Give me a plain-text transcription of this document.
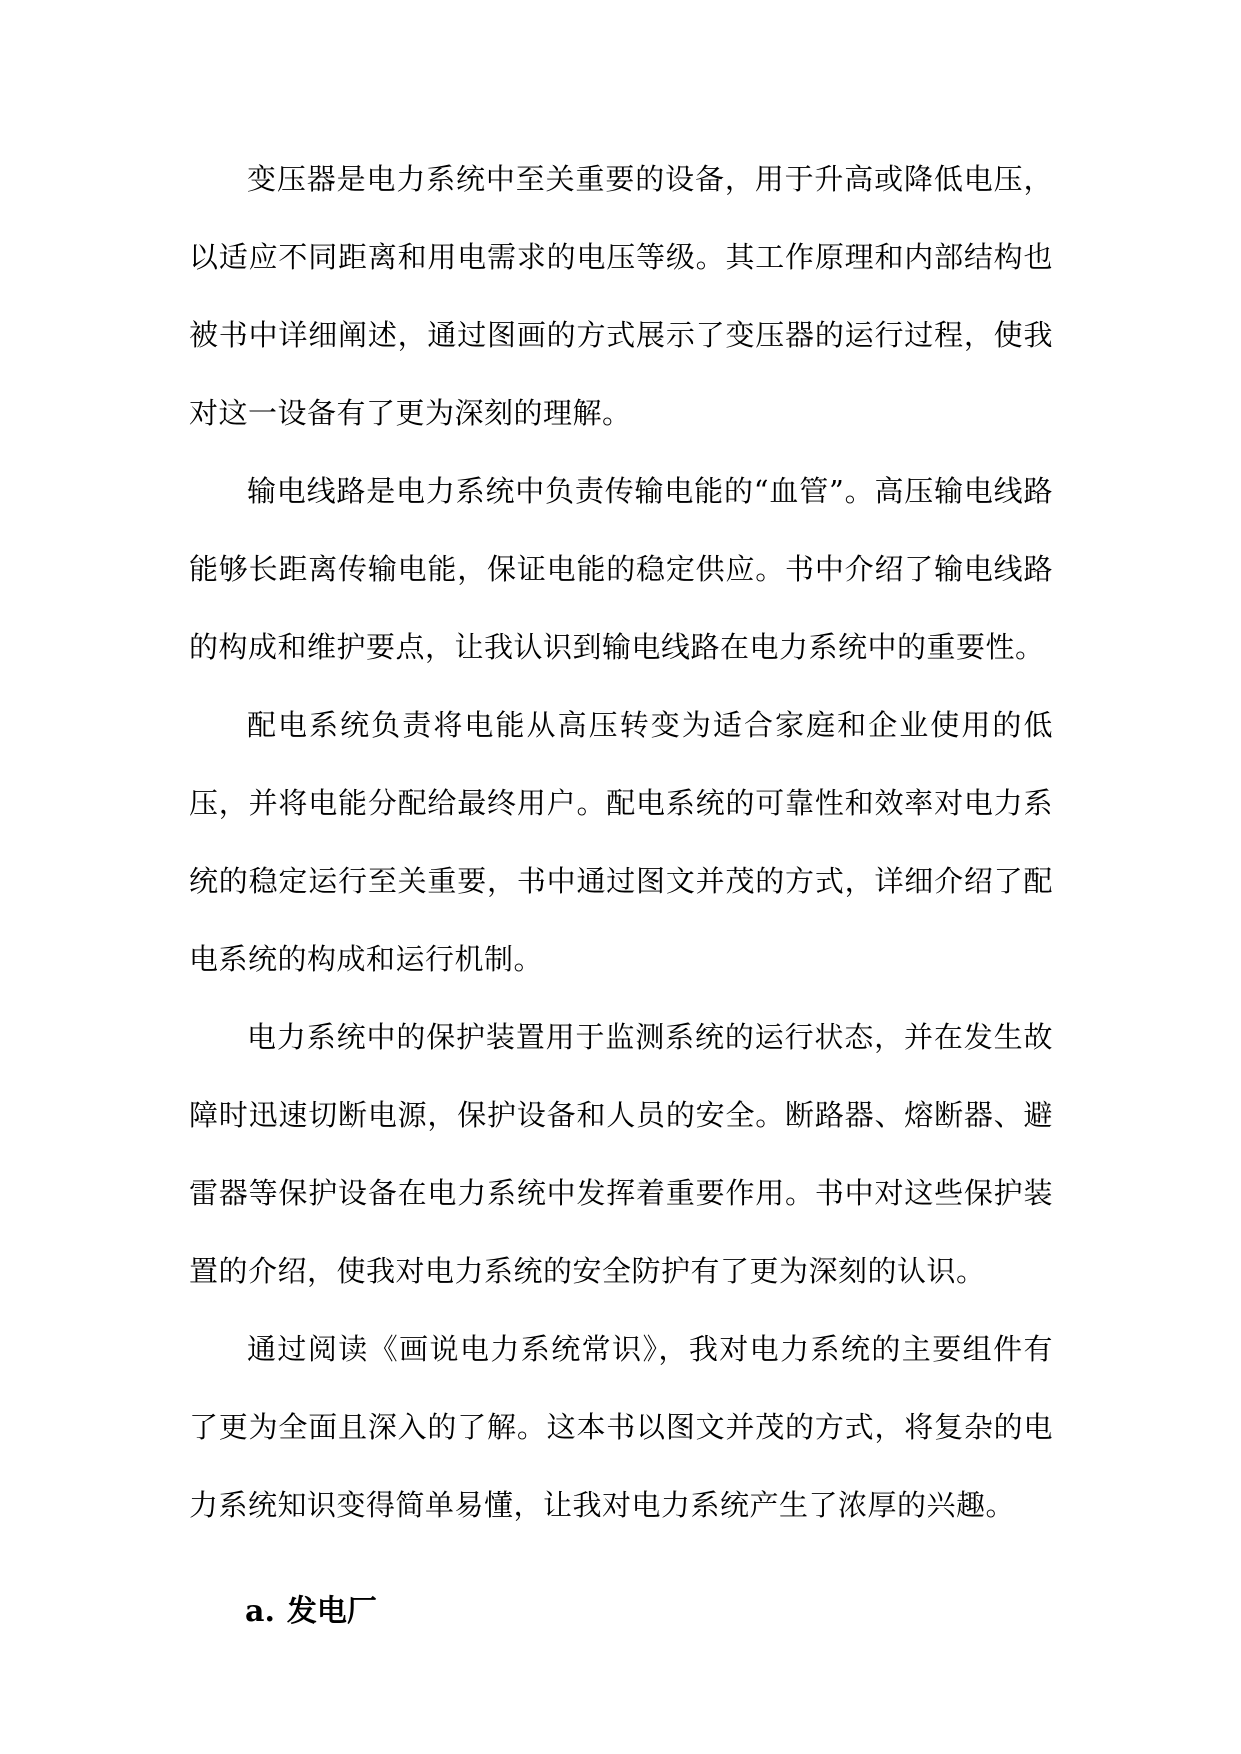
变压器是电力系统中至关重要的设备，用于升高或降低电压，以适应不同距离和用电需求的电压等级。其工作原理和内部结构也被书中详细阐述，通过图画的方式展示了变压器的运行过程，使我对这一设备有了更为深刻的理解。

输电线路是电力系统中负责传输电能的“血管”。高压输电线路能够长距离传输电能，保证电能的稳定供应。书中介绍了输电线路的构成和维护要点，让我认识到输电线路在电力系统中的重要性。

配电系统负责将电能从高压转变为适合家庭和企业使用的低压，并将电能分配给最终用户。配电系统的可靠性和效率对电力系统的稳定运行至关重要，书中通过图文并茂的方式，详细介绍了配电系统的构成和运行机制。

电力系统中的保护装置用于监测系统的运行状态，并在发生故障时迅速切断电源，保护设备和人员的安全。断路器、熔断器、避雷器等保护设备在电力系统中发挥着重要作用。书中对这些保护装置的介绍，使我对电力系统的安全防护有了更为深刻的认识。

通过阅读《画说电力系统常识》，我对电力系统的主要组件有了更为全面且深入的了解。这本书以图文并茂的方式，将复杂的电力系统知识变得简单易懂，让我对电力系统产生了浓厚的兴趣。

a. 发电厂
